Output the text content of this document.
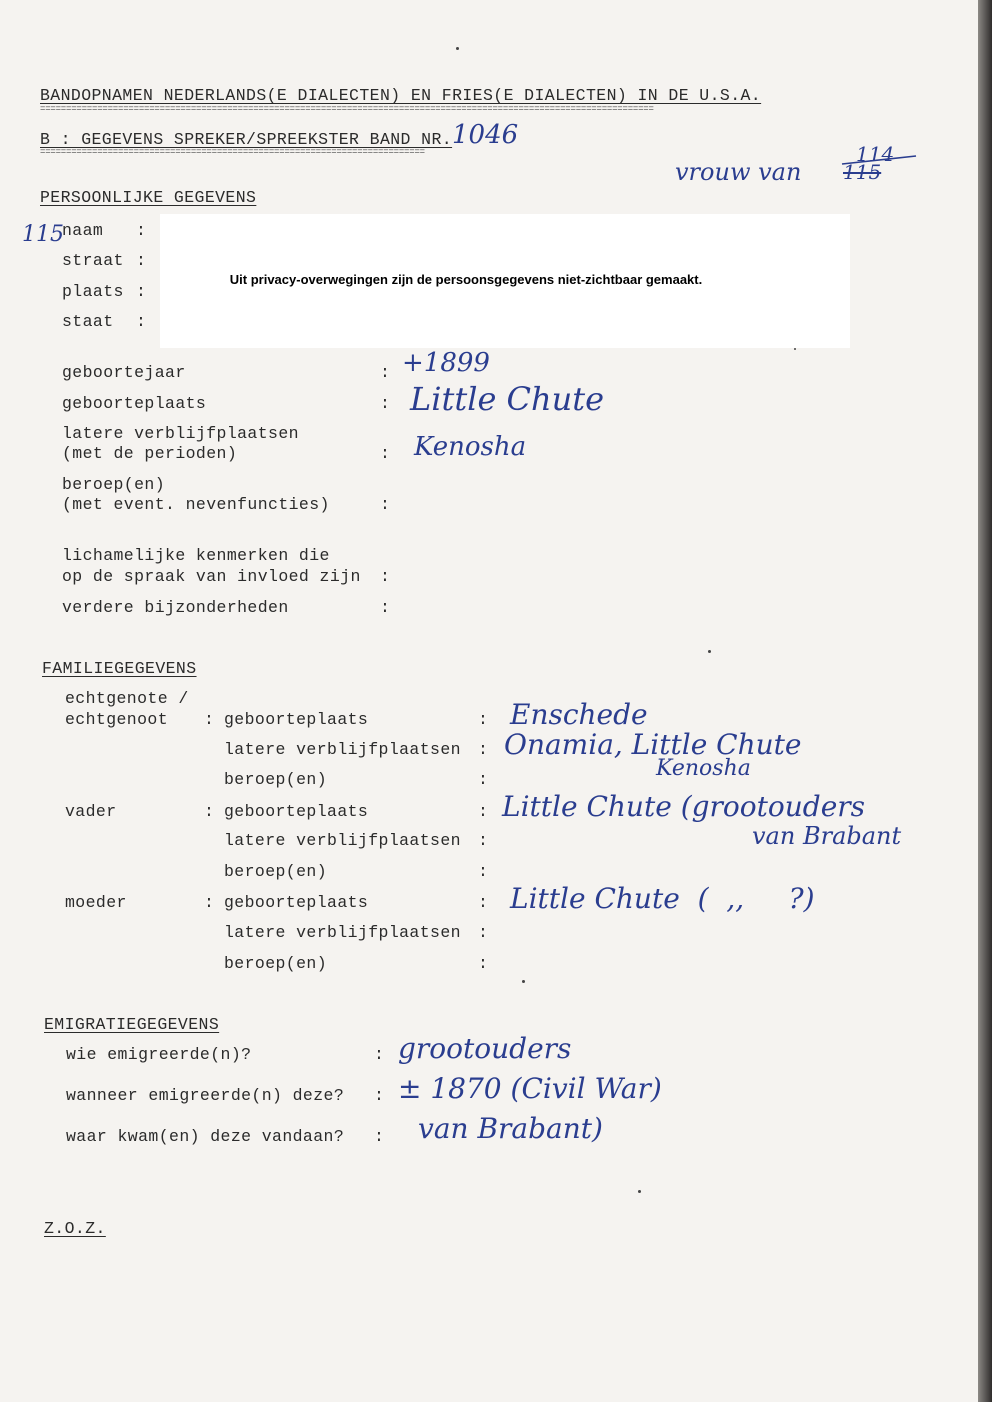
BANDOPNAMEN NEDERLANDS(E DIALECTEN) EN FRIES(E DIALECTEN) IN DE U.S.A.
======================================================================================================================
B : GEGEVENS SPREKER/SPREEKSTER BAND NR. 1046
==========================================================================
vrouw van 115
114
PERSOONLIJKE GEGEVENS
115
naam :
straat :
plaats :
staat :
Uit privacy-overwegingen zijn de persoonsgegevens niet-zichtbaar gemaakt.
geboortejaar	: +1899
geboorteplaats	: Little Chute
latere verblijfplaatsen
(met de perioden)	: Kenosha
beroep(en)
(met event. nevenfuncties)	:
lichamelijke kenmerken die
op de spraak van invloed zijn :
verdere bijzonderheden	:
FAMILIEGEGEVENS
echtgenote /
echtgenoot : geboorteplaats	: Enschede
latere verblijfplaatsen : Onamia, Little Chute
Kenosha
beroep(en)	:
vader	: geboorteplaats	: Little Chute (grootouders
van Brabant
latere verblijfplaatsen :
beroep(en)	:
moeder	: geboorteplaats	: Little Chute  (  ,,     ?)
latere verblijfplaatsen :
beroep(en)	:
EMIGRATIEGEGEVENS
wie emigreerde(n)?	: grootouders
wanneer emigreerde(n) deze? : ± 1870 (Civil War)
waar kwam(en) deze vandaan? : van Brabant)
Z.O.Z.
